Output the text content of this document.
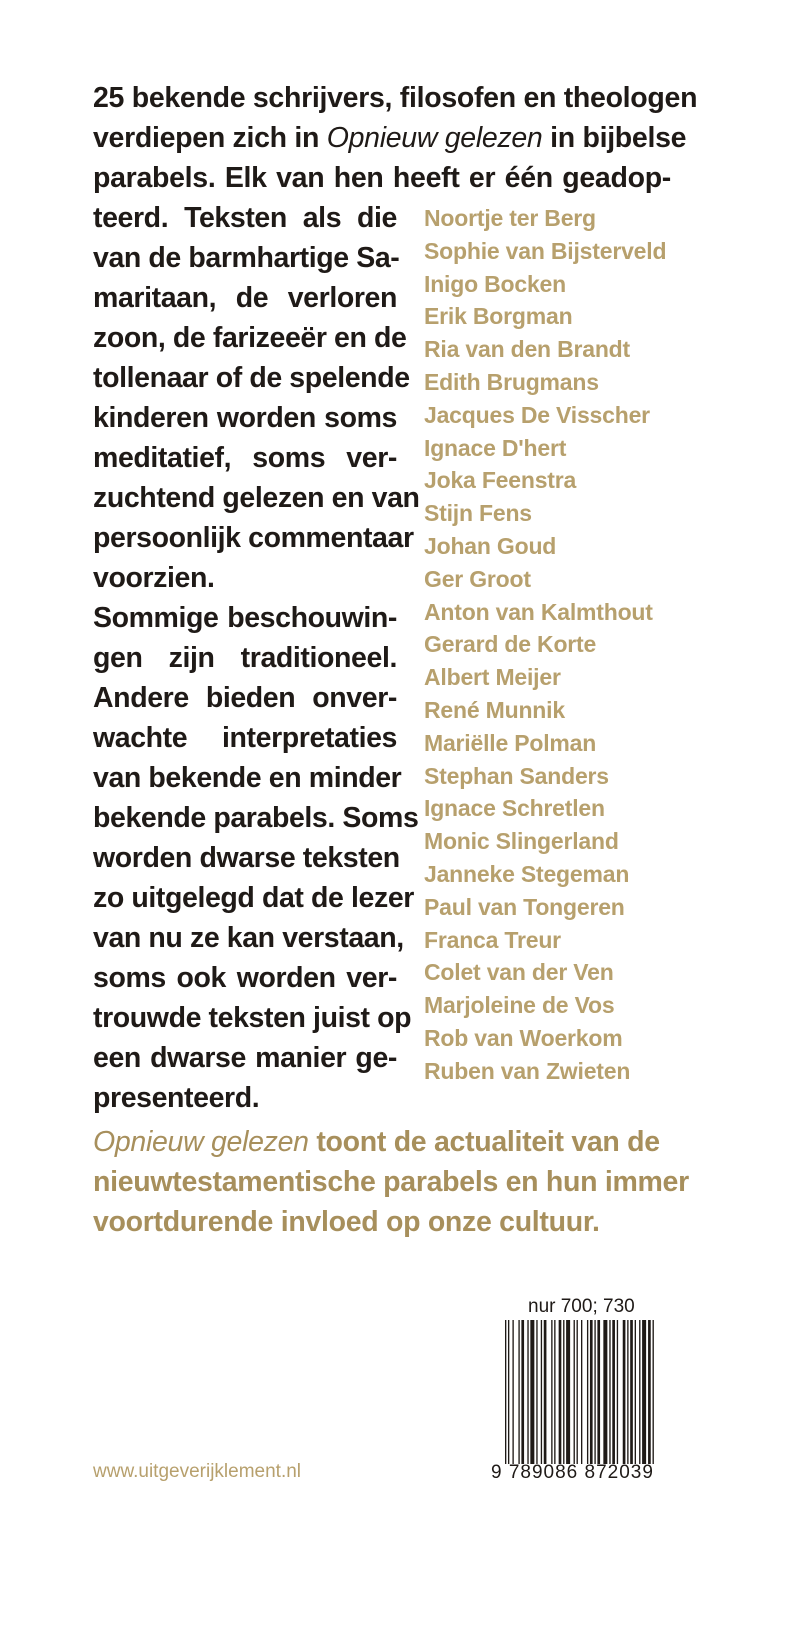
25 bekende schrijvers, filosofen en theologen
verdiepen zich in Opnieuw gelezen in bijbelse
parabels. Elk van hen heeft er één geadop-

teerd. Teksten als die
van de barmhartige Sa-
maritaan, de verloren
zoon, de farizeeër en de
tollenaar of de spelende
kinderen worden soms
meditatief, soms ver-
zuchtend gelezen en van
persoonlijk commentaar
voorzien.
Sommige beschouwin-
gen zijn traditioneel.
Andere bieden onver-
wachte interpretaties
van bekende en minder
bekende parabels. Soms
worden dwarse teksten
zo uitgelegd dat de lezer
van nu ze kan verstaan,
soms ook worden ver-
trouwde teksten juist op
een dwarse manier ge-
presenteerd.
Noortje ter Berg
Sophie van Bijsterveld
Inigo Bocken
Erik Borgman
Ria van den Brandt
Edith Brugmans
Jacques De Visscher
Ignace D'hert
Joka Feenstra
Stijn Fens
Johan Goud
Ger Groot
Anton van Kalmthout
Gerard de Korte
Albert Meijer
René Munnik
Mariëlle Polman
Stephan Sanders
Ignace Schretlen
Monic Slingerland
Janneke Stegeman
Paul van Tongeren
Franca Treur
Colet van der Ven
Marjoleine de Vos
Rob van Woerkom
Ruben van Zwieten
Opnieuw gelezen toont de actualiteit van de
nieuwtestamentische parabels en hun immer
voortdurende invloed op onze cultuur.
nur 700; 730
9 789086 872039
www.uitgeverijklement.nl
